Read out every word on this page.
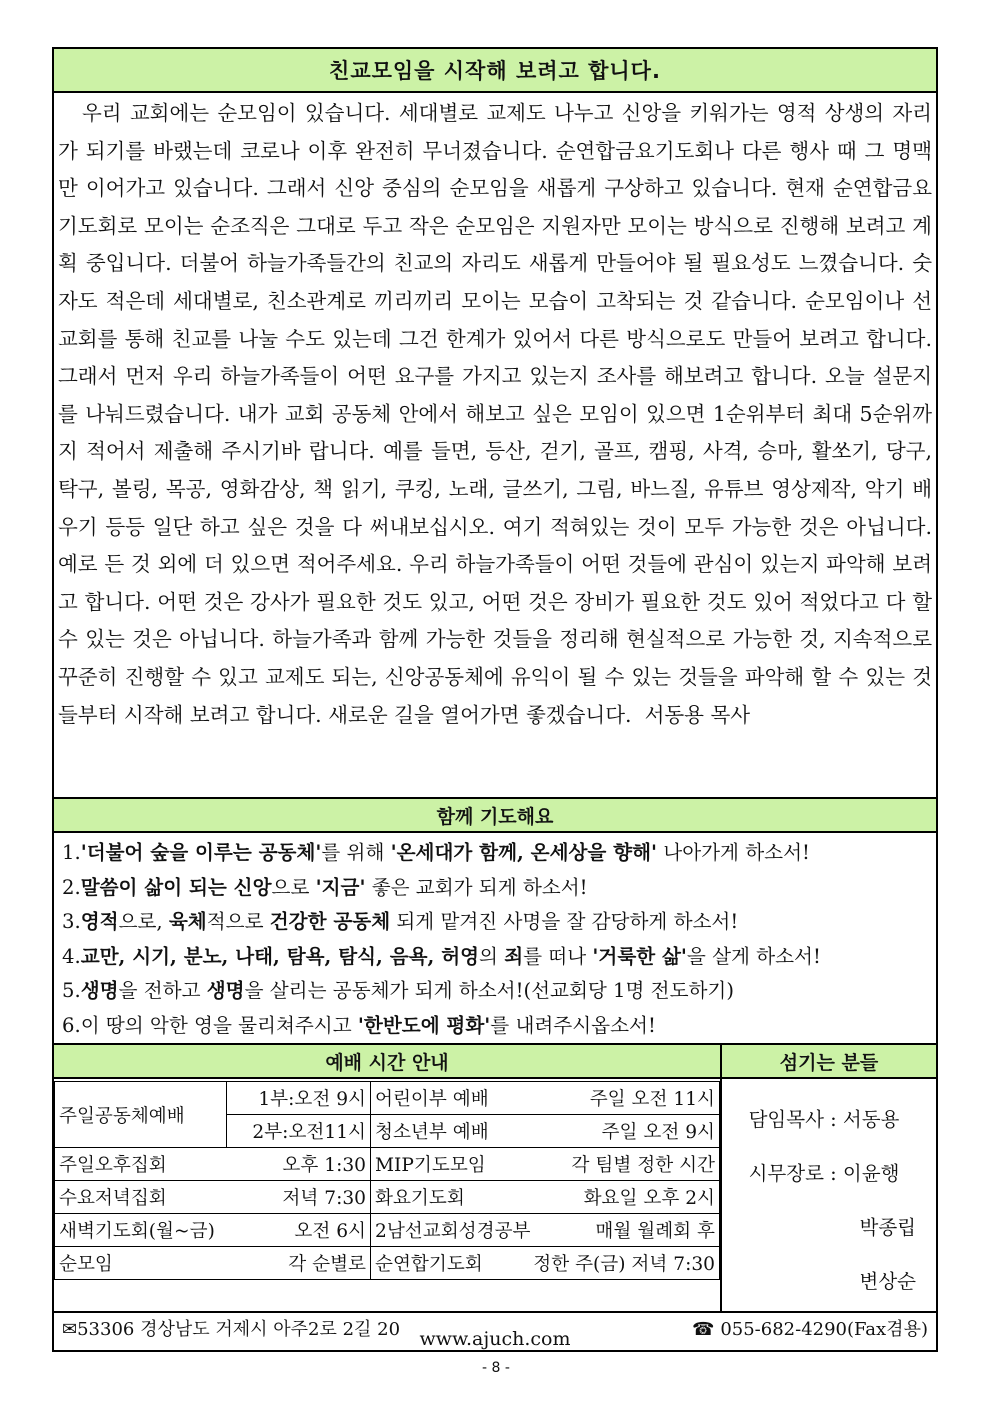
친교모임을 시작해 보려고 합니다.

우리 교회에는 순모임이 있습니다. 세대별로 교제도 나누고 신앙을 키워가는 영적 상생의 자리가 되기를 바랬는데 코로나 이후 완전히 무너졌습니다. 순연합금요기도회나 다른 행사 때 그 명맥만 이어가고 있습니다. 그래서 신앙 중심의 순모임을 새롭게 구상하고 있습니다. 현재 순연합금요기도회로 모이는 순조직은 그대로 두고 작은 순모임은 지원자만 모이는 방식으로 진행해 보려고 계획 중입니다. 더불어 하늘가족들간의 친교의 자리도 새롭게 만들어야 될 필요성도 느꼈습니다. 숫자도 적은데 세대별로, 친소관계로 끼리끼리 모이는 모습이 고착되는 것 같습니다. 순모임이나 선교회를 통해 친교를 나눌 수도 있는데 그건 한계가 있어서 다른 방식으로도 만들어 보려고 합니다. 그래서 먼저 우리 하늘가족들이 어떤 요구를 가지고 있는지 조사를 해보려고 합니다. 오늘 설문지를 나눠드렸습니다. 내가 교회 공동체 안에서 해보고 싶은 모임이 있으면 1순위부터 최대 5순위까지 적어서 제출해 주시기바 랍니다. 예를 들면, 등산, 걷기, 골프, 캠핑, 사격, 승마, 활쏘기, 당구, 탁구, 볼링, 목공, 영화감상, 책 읽기, 쿠킹, 노래, 글쓰기, 그림, 바느질, 유튜브 영상제작, 악기 배우기 등등 일단 하고 싶은 것을 다 써내보십시오. 여기 적혀있는 것이 모두 가능한 것은 아닙니다. 예로 든 것 외에 더 있으면 적어주세요. 우리 하늘가족들이 어떤 것들에 관심이 있는지 파악해 보려고 합니다. 어떤 것은 강사가 필요한 것도 있고, 어떤 것은 장비가 필요한 것도 있어 적었다고 다 할 수 있는 것은 아닙니다. 하늘가족과 함께 가능한 것들을 정리해 현실적으로 가능한 것, 지속적으로 꾸준히 진행할 수 있고 교제도 되는, 신앙공동체에 유익이 될 수 있는 것들을 파악해 할 수 있는 것들부터 시작해 보려고 합니다. 새로운 길을 열어가면 좋겠습니다. 서동용 목사

함께 기도해요
1.'더불어 숲을 이루는 공동체'를 위해 '온세대가 함께, 온세상을 향해' 나아가게 하소서!
2.말씀이 삶이 되는 신앙으로 '지금' 좋은 교회가 되게 하소서!
3.영적으로, 육체적으로 건강한 공동체 되게 맡겨진 사명을 잘 감당하게 하소서!
4.교만, 시기, 분노, 나태, 탐욕, 탐식, 음욕, 허영의 죄를 떠나 '거룩한 삶'을 살게 하소서!
5.생명을 전하고 생명을 살리는 공동체가 되게 하소서!(선교회당 1명 전도하기)
6.이 땅의 악한 영을 물리쳐주시고 '한반도에 평화'를 내려주시옵소서!
예배 시간 안내
주일공동체예배	1부:오전 9시	어린이부 예배 주일 오전 11시

	2부:오전11시	청소년부 예배 주일 오전 9시

주일오후집회 오후 1:30		MIP기도모임 각 팀별 정한 시간

수요저녁집회 저녁 7:30		화요기도회 화요일 오후 2시

새벽기도회(월~금) 오전 6시		2남선교회성경공부 매월 월례회 후

순모임 각 순별로		순연합기도회 정한 주(금) 저녁 7:30
섬기는 분들
담임목사 : 서동용
시무장로 : 이윤행
박종립
변상순
✉53306 경상남도 거제시 아주2로 2길 20	☎ 055-682-4290(Fax겸용)
www.ajuch.com
- 8 -
